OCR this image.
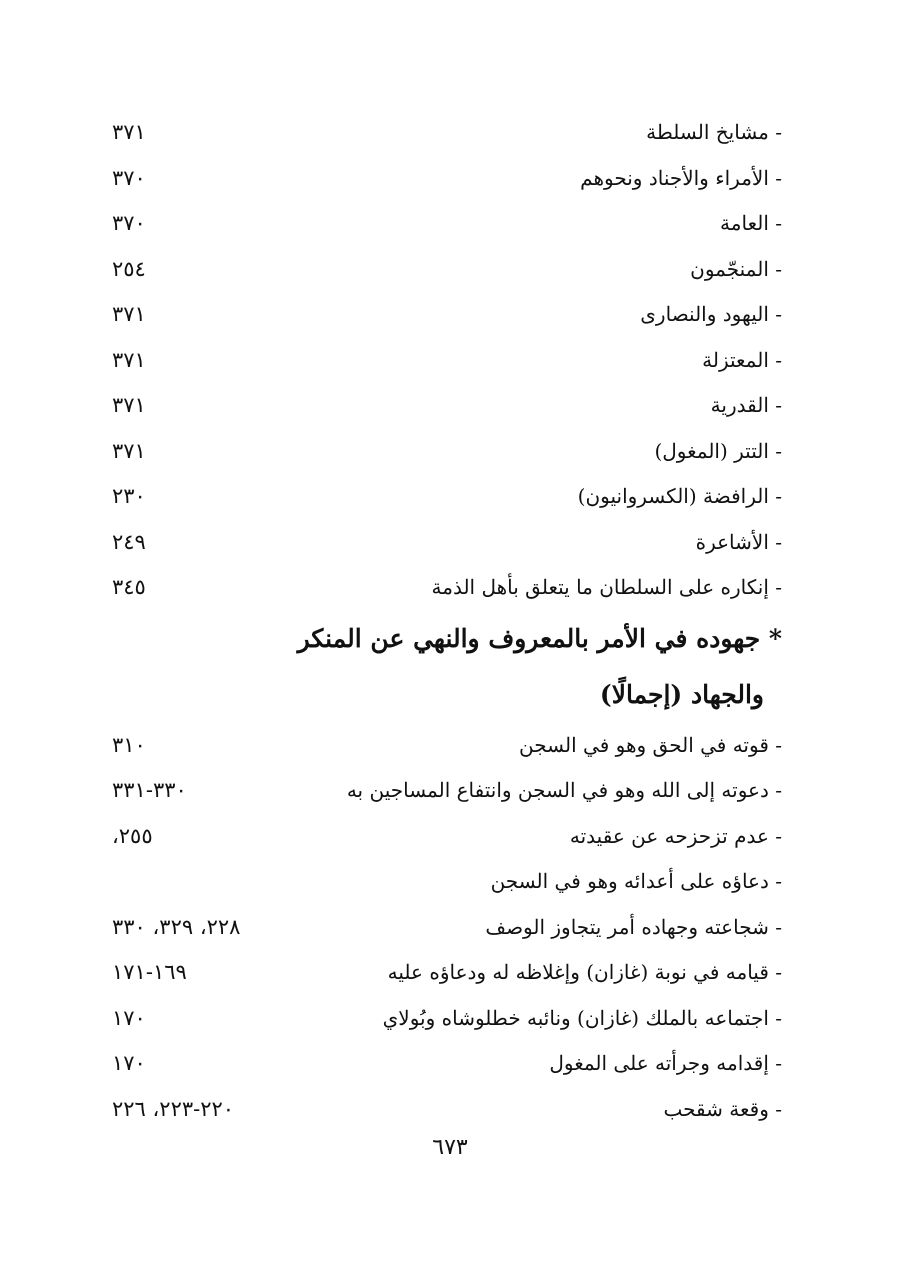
- مشايخ السلطة
٣٧١
- الأمراء والأجناد ونحوهم
٣٧٠
- العامة
٣٧٠
- المنجّمون
٢٥٤
- اليهود والنصارى
٣٧١
- المعتزلة
٣٧١
- القدرية
٣٧١
- التتر (المغول)
٣٧١
- الرافضة (الكسروانيون)
٢٣٠
- الأشاعرة
٢٤٩
- إنكاره على السلطان ما يتعلق بأهل الذمة
٣٤٥
* جهوده في الأمر بالمعروف والنهي عن المنكر
والجهاد (إجمالًا)
- قوته في الحق وهو في السجن
٣١٠
- دعوته إلى الله وهو في السجن وانتفاع المساجين به
٣٣٠-٣٣١
- عدم تزحزحه عن عقيدته
٢٥٥،
- دعاؤه على أعدائه وهو في السجن
- شجاعته وجهاده أمر يتجاوز الوصف
٢٢٨، ٣٢٩، ٣٣٠
- قيامه في نوبة (غازان) وإغلاظه له ودعاؤه عليه
١٦٩-١٧١
- اجتماعه بالملك (غازان) ونائبه خطلوشاه وبُولاي
١٧٠
- إقدامه وجرأته على المغول
١٧٠
- وقعة شقحب
٢٢٠-٢٢٣، ٢٢٦
٦٧٣
